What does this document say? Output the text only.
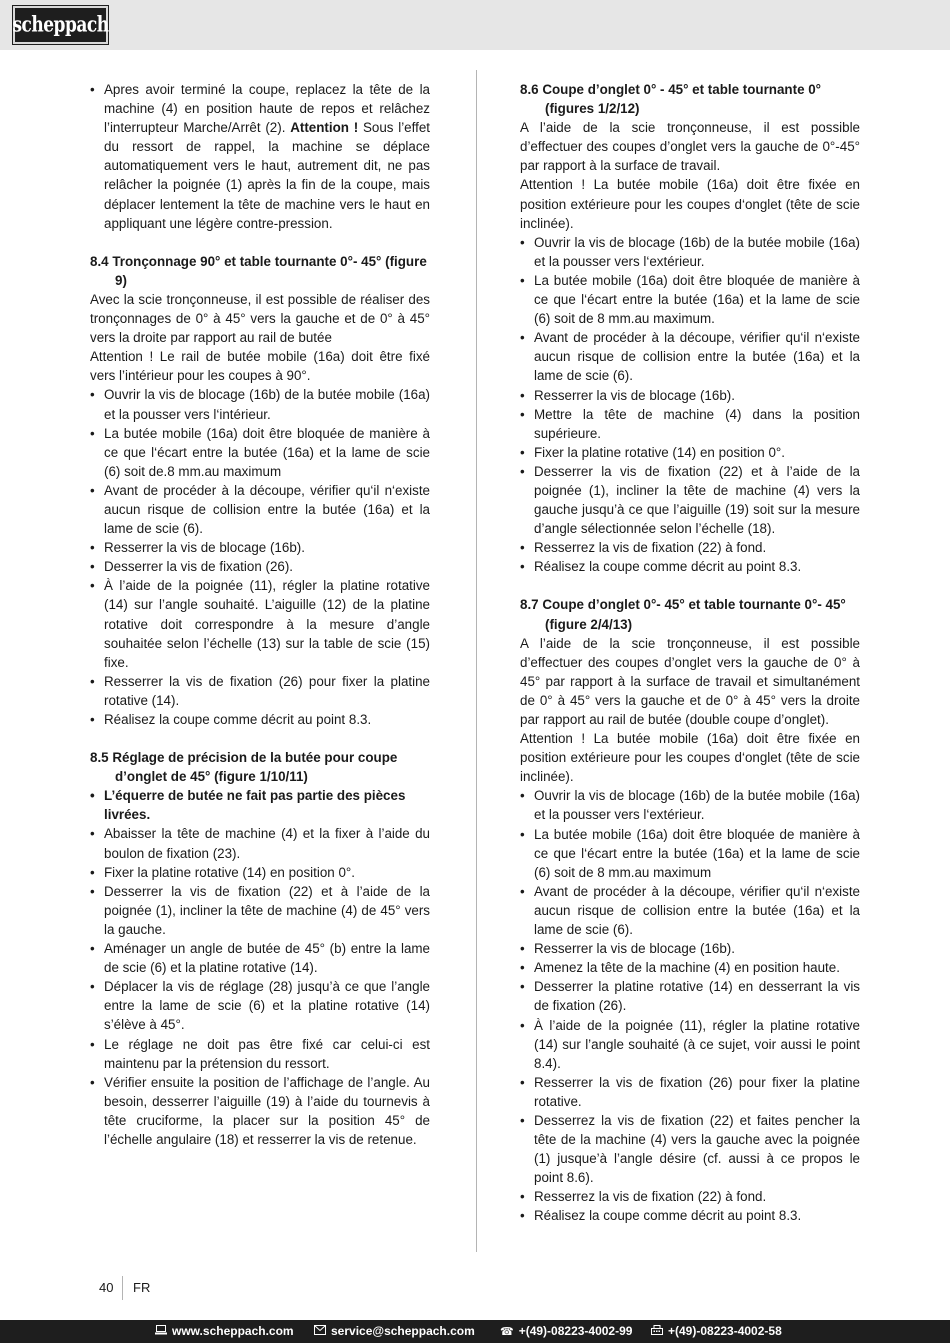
scheppach
• Apres avoir terminé la coupe, replacez la tête de la machine (4) en position haute de repos et relâchez l’interrupteur Marche/Arrêt (2). Attention ! Sous l’effet du ressort de rappel, la machine se déplace automatiquement vers le haut, autrement dit, ne pas relâcher la poignée (1) après la fin de la coupe, mais déplacer lentement la tête de machine vers le haut en appliquant une légère contre-pression.
8.4 Tronçonnage 90° et table tournante 0°- 45° (figure 9)
Avec la scie tronçonneuse, il est possible de réaliser des tronçonnages de 0° à 45° vers la gauche et de 0° à 45° vers la droite par rapport au rail de butée
Attention ! Le rail de butée mobile (16a) doit être fixé vers l’intérieur pour les coupes à 90°.
• Ouvrir la vis de blocage (16b) de la butée mobile (16a) et la pousser vers l‘intérieur.
• La butée mobile (16a) doit être bloquée de manière à ce que l‘écart entre la butée (16a) et la lame de scie (6) soit de.8 mm.au maximum
• Avant de procéder à la découpe, vérifier qu‘il n‘existe aucun risque de collision entre la butée (16a) et la lame de scie (6).
• Resserrer la vis de blocage (16b).
• Desserrer la vis de fixation (26).
• À l’aide de la poignée (11), régler la platine rotative (14) sur l’angle souhaité. L’aiguille (12) de la platine rotative doit correspondre à la mesure d’angle souhaitée selon l’échelle (13) sur la table de scie (15) fixe.
• Resserrer la vis de fixation (26) pour fixer la platine rotative (14).
• Réalisez la coupe comme décrit au point 8.3.
8.5 Réglage de précision de la butée pour coupe d’onglet de 45° (figure 1/10/11)
• L’équerre de butée ne fait pas partie des pièces livrées.
• Abaisser la tête de machine (4) et la fixer à l’aide du boulon de fixation (23).
• Fixer la platine rotative (14) en position 0°.
• Desserrer la vis de fixation (22) et à l’aide de la poignée (1), incliner la tête de machine (4) de 45° vers la gauche.
• Aménager un angle de butée de 45° (b) entre la lame de scie (6) et la platine rotative (14).
• Déplacer la vis de réglage (28) jusqu’à ce que l’angle entre la lame de scie (6) et la platine rotative (14) s’élève à 45°.
• Le réglage ne doit pas être fixé car celui-ci est maintenu par la prétension du ressort.
• Vérifier ensuite la position de l’affichage de l’angle. Au besoin, desserrer l’aiguille (19) à l’aide du tournevis à tête cruciforme, la placer sur la position 45° de l’échelle angulaire (18) et resserrer la vis de retenue.
8.6 Coupe d’onglet 0° - 45° et table tournante 0° (figures 1/2/12)
A l’aide de la scie tronçonneuse, il est possible d’effectuer des coupes d’onglet vers la gauche de 0°-45° par rapport à la surface de travail.
Attention ! La butée mobile (16a) doit être fixée en position extérieure pour les coupes d‘onglet (tête de scie inclinée).
• Ouvrir la vis de blocage (16b) de la butée mobile (16a) et la pousser vers l‘extérieur.
• La butée mobile (16a) doit être bloquée de manière à ce que l‘écart entre la butée (16a) et la lame de scie (6) soit de 8 mm.au maximum.
• Avant de procéder à la découpe, vérifier qu‘il n‘existe aucun risque de collision entre la butée (16a) et la lame de scie (6).
• Resserrer la vis de blocage (16b).
• Mettre la tête de machine (4) dans la position supérieure.
• Fixer la platine rotative (14) en position 0°.
• Desserrer la vis de fixation (22) et à l’aide de la poignée (1), incliner la tête de machine (4) vers la gauche jusqu’à ce que l’aiguille (19) soit sur la mesure d’angle sélectionnée selon l’échelle (18).
• Resserrez la vis de fixation (22) à fond.
• Réalisez la coupe comme décrit au point 8.3.
8.7 Coupe d’onglet 0°- 45° et table tournante 0°- 45° (figure 2/4/13)
A l’aide de la scie tronçonneuse, il est possible d’effectuer des coupes d’onglet vers la gauche de 0° à 45° par rapport à la surface de travail et simultanément de 0° à 45° vers la gauche et de 0° à 45° vers la droite par rapport au rail de butée (double coupe d’onglet).
Attention ! La butée mobile (16a) doit être fixée en position extérieure pour les coupes d‘onglet (tête de scie inclinée).
• Ouvrir la vis de blocage (16b) de la butée mobile (16a) et la pousser vers l‘extérieur.
• La butée mobile (16a) doit être bloquée de manière à ce que l‘écart entre la butée (16a) et la lame de scie (6) soit de 8 mm.au maximum
• Avant de procéder à la découpe, vérifier qu‘il n‘existe aucun risque de collision entre la butée (16a) et la lame de scie (6).
• Resserrer la vis de blocage (16b).
• Amenez la tête de la machine (4) en position haute.
• Desserrer la platine rotative (14) en desserrant la vis de fixation (26).
• À l’aide de la poignée (11), régler la platine rotative (14) sur l’angle souhaité (à ce sujet, voir aussi le point 8.4).
• Resserrer la vis de fixation (26) pour fixer la platine rotative.
• Desserrez la vis de fixation (22) et faites pencher la tête de la machine (4) vers la gauche avec la poignée (1) jusque’à l’angle désire (cf. aussi à ce propos le point 8.6).
• Resserrez la vis de fixation (22) à fond.
• Réalisez la coupe comme décrit au point 8.3.
40 FR
www.scheppach.com	service@scheppach.com ☎ +(49)-08223-4002-99	+(49)-08223-4002-58
